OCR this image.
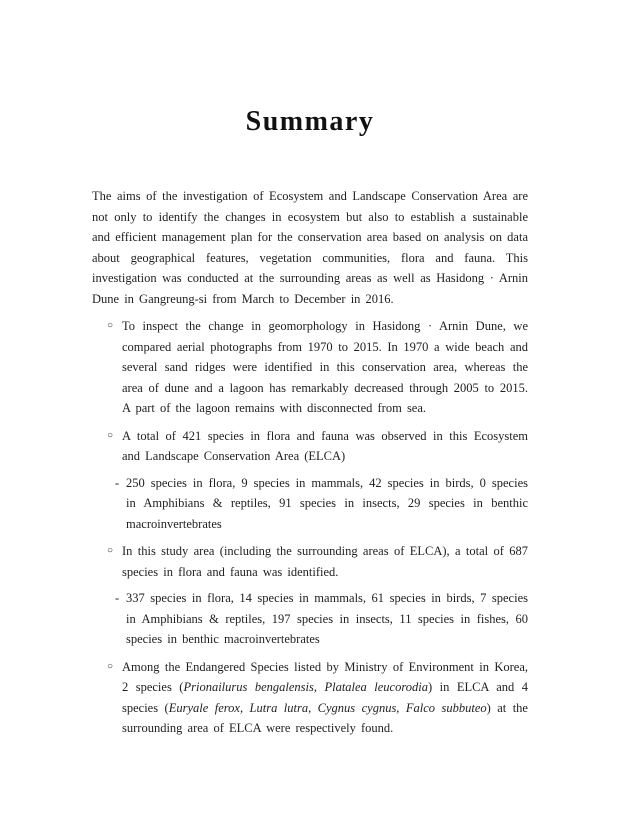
Summary

The aims of the investigation of Ecosystem and Landscape Conservation Area are not only to identify the changes in ecosystem but also to establish a sustainable and efficient management plan for the conservation area based on analysis on data about geographical features, vegetation communities, flora and fauna. This investigation was conducted at the surrounding areas as well as Hasidong · Arnin Dune in Gangreung-si from March to December in 2016.

○ To inspect the change in geomorphology in Hasidong · Arnin Dune, we compared aerial photographs from 1970 to 2015. In 1970 a wide beach and several sand ridges were identified in this conservation area, whereas the area of dune and a lagoon has remarkably decreased through 2005 to 2015. A part of the lagoon remains with disconnected from sea.
○ A total of 421 species in flora and fauna was observed in this Ecosystem and Landscape Conservation Area (ELCA)
- 250 species in flora, 9 species in mammals, 42 species in birds, 0 species in Amphibians & reptiles, 91 species in insects, 29 species in benthic macroinvertebrates
○ In this study area (including the surrounding areas of ELCA), a total of 687 species in flora and fauna was identified.
- 337 species in flora, 14 species in mammals, 61 species in birds, 7 species in Amphibians & reptiles, 197 species in insects, 11 species in fishes, 60 species in benthic macroinvertebrates
○ Among the Endangered Species listed by Ministry of Environment in Korea, 2 species (Prionailurus bengalensis, Platalea leucorodia) in ELCA and 4 species (Euryale ferox, Lutra lutra, Cygnus cygnus, Falco subbuteo) at the surrounding area of ELCA were respectively found.
